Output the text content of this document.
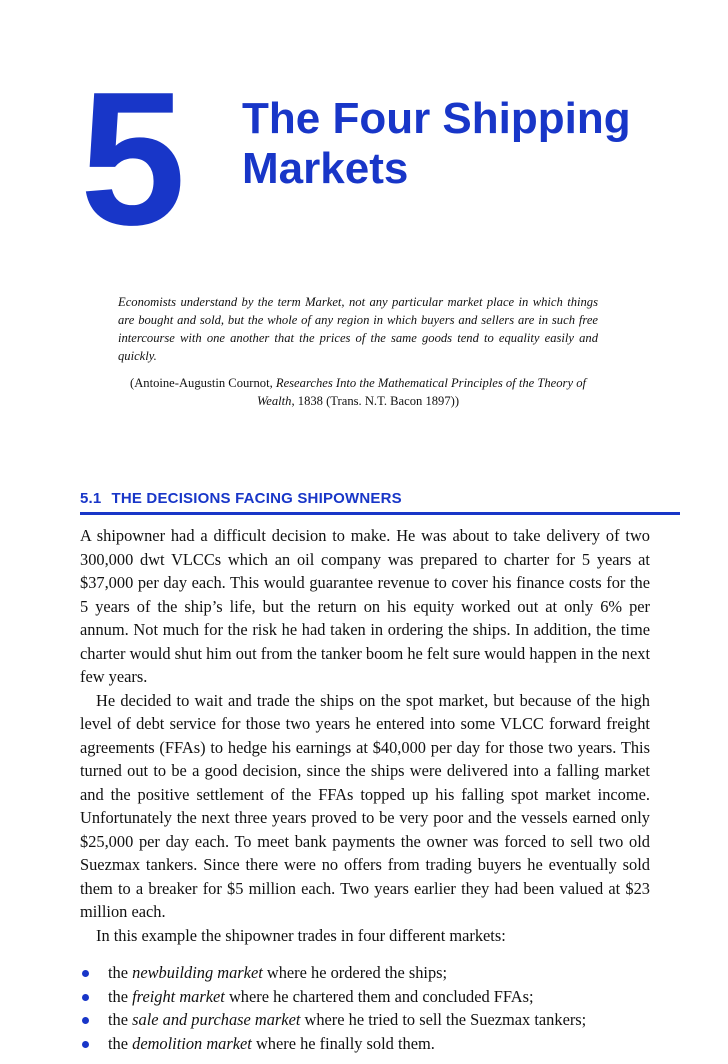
5 The Four Shipping Markets
Economists understand by the term Market, not any particular market place in which things are bought and sold, but the whole of any region in which buyers and sellers are in such free intercourse with one another that the prices of the same goods tend to equality easily and quickly.
(Antoine-Augustin Cournot, Researches Into the Mathematical Principles of the Theory of Wealth, 1838 (Trans. N.T. Bacon 1897))
5.1 THE DECISIONS FACING SHIPOWNERS

A shipowner had a difficult decision to make. He was about to take delivery of two 300,000 dwt VLCCs which an oil company was prepared to charter for 5 years at $37,000 per day each. This would guarantee revenue to cover his finance costs for the 5 years of the ship’s life, but the return on his equity worked out at only 6% per annum. Not much for the risk he had taken in ordering the ships. In addition, the time charter would shut him out from the tanker boom he felt sure would happen in the next few years.

He decided to wait and trade the ships on the spot market, but because of the high level of debt service for those two years he entered into some VLCC forward freight agreements (FFAs) to hedge his earnings at $40,000 per day for those two years. This turned out to be a good decision, since the ships were delivered into a falling market and the positive settlement of the FFAs topped up his falling spot market income. Unfortunately the next three years proved to be very poor and the vessels earned only $25,000 per day each. To meet bank payments the owner was forced to sell two old Suezmax tankers. Since there were no offers from trading buyers he eventually sold them to a breaker for $5 million each. Two years earlier they had been valued at $23 million each.

In this example the shipowner trades in four different markets:

the newbuilding market where he ordered the ships;
the freight market where he chartered them and concluded FFAs;
the sale and purchase market where he tried to sell the Suezmax tankers;
the demolition market where he finally sold them.
